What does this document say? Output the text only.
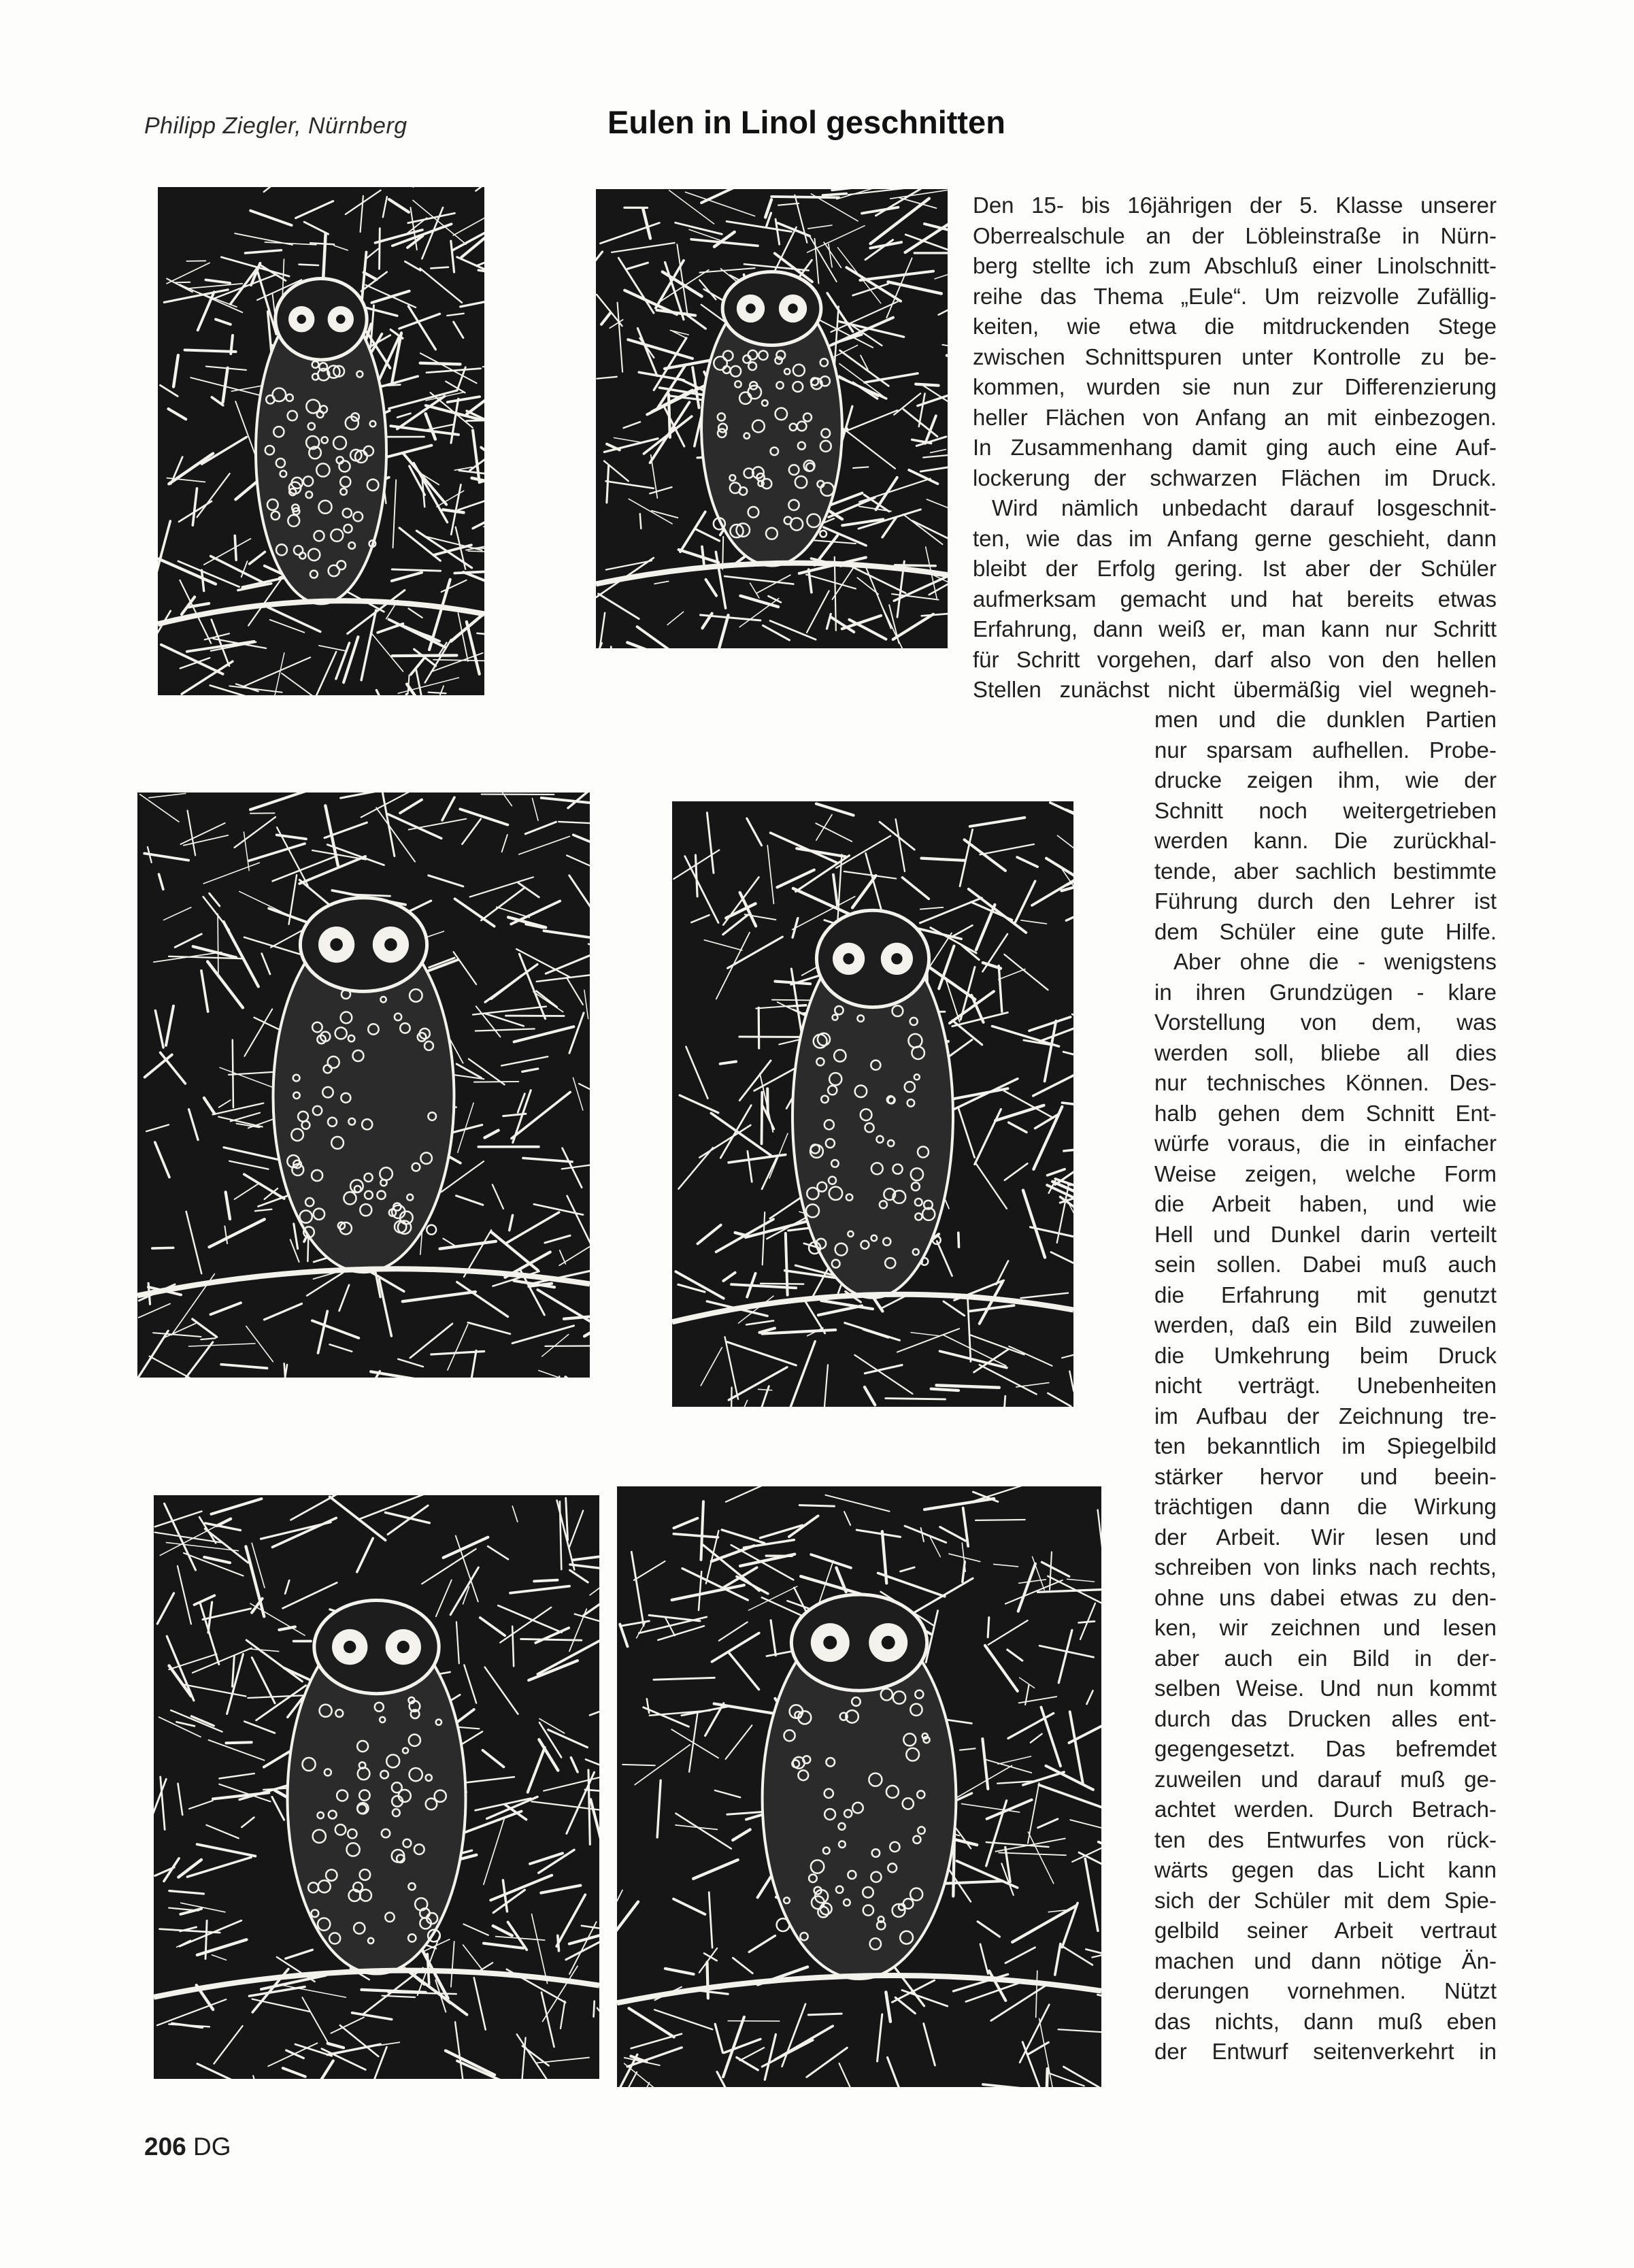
Philipp Ziegler, Nürnberg	Eulen in Linol geschnitten
Den 15- bis 16jährigen der 5. Klasse unserer
Oberrealschule an der Löbleinstraße in Nürn-
berg stellte ich zum Abschluß einer Linolschnitt-
reihe das Thema „Eule“. Um reizvolle Zufällig-
keiten, wie etwa die mitdruckenden Stege
zwischen Schnittspuren unter Kontrolle zu be-
kommen, wurden sie nun zur Differenzierung
heller Flächen von Anfang an mit einbezogen.
In Zusammenhang damit ging auch eine Auf-
lockerung der schwarzen Flächen im Druck.
Wird nämlich unbedacht darauf losgeschnit-
ten, wie das im Anfang gerne geschieht, dann
bleibt der Erfolg gering. Ist aber der Schüler
aufmerksam gemacht und hat bereits etwas
Erfahrung, dann weiß er, man kann nur Schritt
für Schritt vorgehen, darf also von den hellen
Stellen zunächst nicht übermäßig viel wegneh-
men und die dunklen Partien
nur sparsam aufhellen. Probe-
drucke zeigen ihm, wie der
Schnitt noch weitergetrieben
werden kann. Die zurückhal-
tende, aber sachlich bestimmte
Führung durch den Lehrer ist
dem Schüler eine gute Hilfe.
Aber ohne die - wenigstens
in ihren Grundzügen - klare
Vorstellung von dem, was
werden soll, bliebe all dies
nur technisches Können. Des-
halb gehen dem Schnitt Ent-
würfe voraus, die in einfacher
Weise zeigen, welche Form
die Arbeit haben, und wie
Hell und Dunkel darin verteilt
sein sollen. Dabei muß auch
die Erfahrung mit genutzt
werden, daß ein Bild zuweilen
die Umkehrung beim Druck
nicht verträgt. Unebenheiten
im Aufbau der Zeichnung tre-
ten bekanntlich im Spiegelbild
stärker hervor und beein-
trächtigen dann die Wirkung
der Arbeit. Wir lesen und
schreiben von links nach rechts,
ohne uns dabei etwas zu den-
ken, wir zeichnen und lesen
aber auch ein Bild in der-
selben Weise. Und nun kommt
durch das Drucken alles ent-
gegengesetzt. Das befremdet
zuweilen und darauf muß ge-
achtet werden. Durch Betrach-
ten des Entwurfes von rück-
wärts gegen das Licht kann
sich der Schüler mit dem Spie-
gelbild seiner Arbeit vertraut
machen und dann nötige Än-
derungen vornehmen. Nützt
das nichts, dann muß eben
der Entwurf seitenverkehrt in
206 DG
